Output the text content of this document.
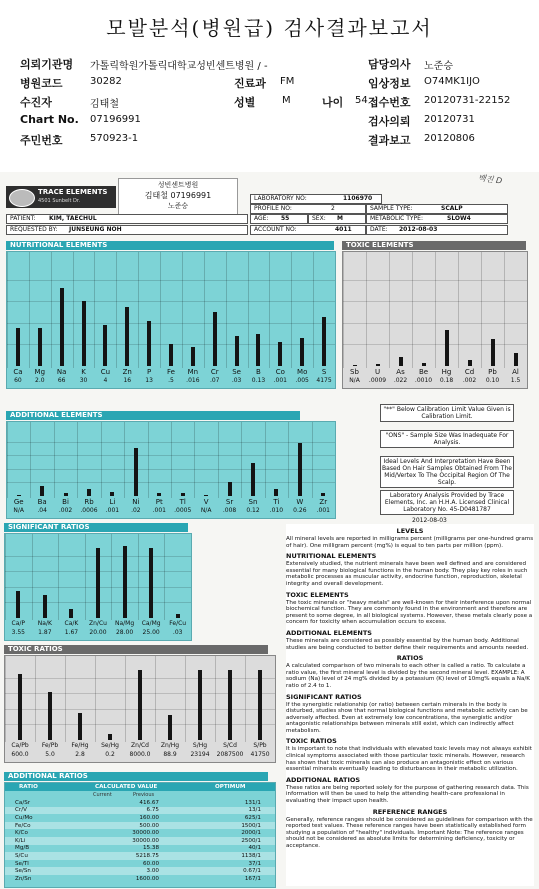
모발분석(병원급) 검사결과보고서
의뢰기관명 가톨릭학원가톨릭대학교성빈센트병원 / -	담당의사 노준승
병원코드	30282	진료과 FM	임상정보 O74MK1IJO
수진자	김태철	성별	M	나이 54 접수번호 20120731-22152
Chart No. 07196991	검사의뢰 20120731
주민번호	570923-1	결과보고 20120806
TRACE ELEMENTS
4501 Sunbelt Dr.
성빈센트병원
김태철 07196991
노준승
백진 D
LABORATORY NO:	1106970
PROFILE NO:	2	SAMPLE TYPE:	SCALP
PATIENT: KIM, TAECHUL	AGE: 55	SEX: M	METABOLIC TYPE:	SLOW4
REQUESTED BY: JUNSEUNG NOH	ACCOUNT NO:	4011	DATE: 2012-08-03
NUTRITIONAL ELEMENTS
Ca
60
Mg
2.0
Na
66
K
30
Cu
4
Zn
16
P
13
Fe
.5
Mn
.016
Cr
.07
Se
.03
B
0.13
Co
.001
Mo
.005
S
4175
TOXIC ELEMENTS
Sb
N/A
U
.0009
As
.022
Be
.0010
Hg
0.18
Cd
.002
Pb
0.10
Al
1.5
ADDITIONAL ELEMENTS
Ge
N/A
Ba
.04
Bi
.002
Rb
.0006
Li
.001
Ni
.02
Pt
.001
Tl
.0005
V
N/A
Sr
.008
Sn
0.12
Ti
.010
W
0.26
Zr
.001
"**" Below Calibration Limit Value Given is Calibration Limit.
"ONS" - Sample Size Was Inadequate For Analysis.
Ideal Levels And Interpretation Have Been Based On Hair Samples Obtained From The Mid/Vertex To The Occipital Region Of The Scalp.
Laboratory Analysis Provided by Trace Elements, Inc. an H.H.A. Licensed Clinical Laboratory No. 45-D0481787
2012-08-03
SIGNIFICANT RATIOS
Ca/P
3.55
Na/K
1.87
Ca/K
1.67
Zn/Cu
20.00
Na/Mg
28.00
Ca/Mg
25.00
Fe/Cu
.03
TOXIC RATIOS
Ca/Pb
600.0
Fe/Pb
5.0
Fe/Hg
2.8
Se/Hg
0.2
Zn/Cd
8000.0
Zn/Hg
88.9
S/Hg
23194
S/Cd
2087500
S/Pb
41750
ADDITIONAL RATIOS
RATIO	CALCULATED VALUE	OPTIMUM
Current	Previous
Ca/Sr	416.67		131/1
Cr/V	6.75		13/1
Cu/Mo	160.00		625/1
Fe/Co	500.00		1500/1
K/Co	30000.00		2000/1
K/Li	30000.00		2500/1
Mg/B	15.38		40/1
S/Cu	5218.75		1138/1
Se/Tl	60.00		37/1
Se/Sn	3.00		0.67/1
Zn/Sn	1600.00		167/1
LEVELS

All mineral levels are reported in milligrams percent (milligrams per one-hundred grams of hair). One milligram percent (mg%) is equal to ten parts per million (ppm).

NUTRITIONAL ELEMENTS

Extensively studied, the nutrient minerals have been well defined and are considered essential for many biological functions in the human body. They play key roles in such metabolic processes as muscular activity, endocrine function, reproduction, skeletal integrity and overall development.

TOXIC ELEMENTS

The toxic minerals or "heavy metals" are well-known for their interference upon normal biochemical function. They are commonly found in the environment and therefore are present to some degree, in all biological systems. However, these metals clearly pose a concern for toxicity when accumulation occurs to excess.

ADDITIONAL ELEMENTS

These minerals are considered as possibly essential by the human body. Additional studies are being conducted to better define their requirements and amounts needed.

RATIOS

A calculated comparison of two minerals to each other is called a ratio. To calculate a ratio value, the first mineral level is divided by the second mineral level. EXAMPLE: A sodium (Na) level of 24 mg% divided by a potassium (K) level of 10mg% equals a Na/K ratio of 2.4 to 1.

SIGNIFICANT RATIOS

If the synergistic relationship (or ratio) between certain minerals in the body is disturbed, studies show that normal biological functions and metabolic activity can be adversely affected. Even at extremely low concentrations, the synergistic and/or antagonistic relationships between minerals still exist, which can indirectly affect metabolism.

TOXIC RATIOS

It is important to note that individuals with elevated toxic levels may not always exhibit clinical symptoms associated with those particular toxic minerals. However, research has shown that toxic minerals can also produce an antagonistic effect on various essential minerals eventually leading to disturbances in their metabolic utilization.

ADDITIONAL RATIOS

These ratios are being reported solely for the purpose of gathering research data. This information will then be used to help the attending health-care professional in evaluating their impact upon health.

REFERENCE RANGES

Generally, reference ranges should be considered as guidelines for comparison with the reported test values. These reference ranges have been statistically established form studying a population of "healthy" individuals. Important Note: The reference ranges should not be considered as absolute limits for determining deficiency, toxicity or acceptance.
